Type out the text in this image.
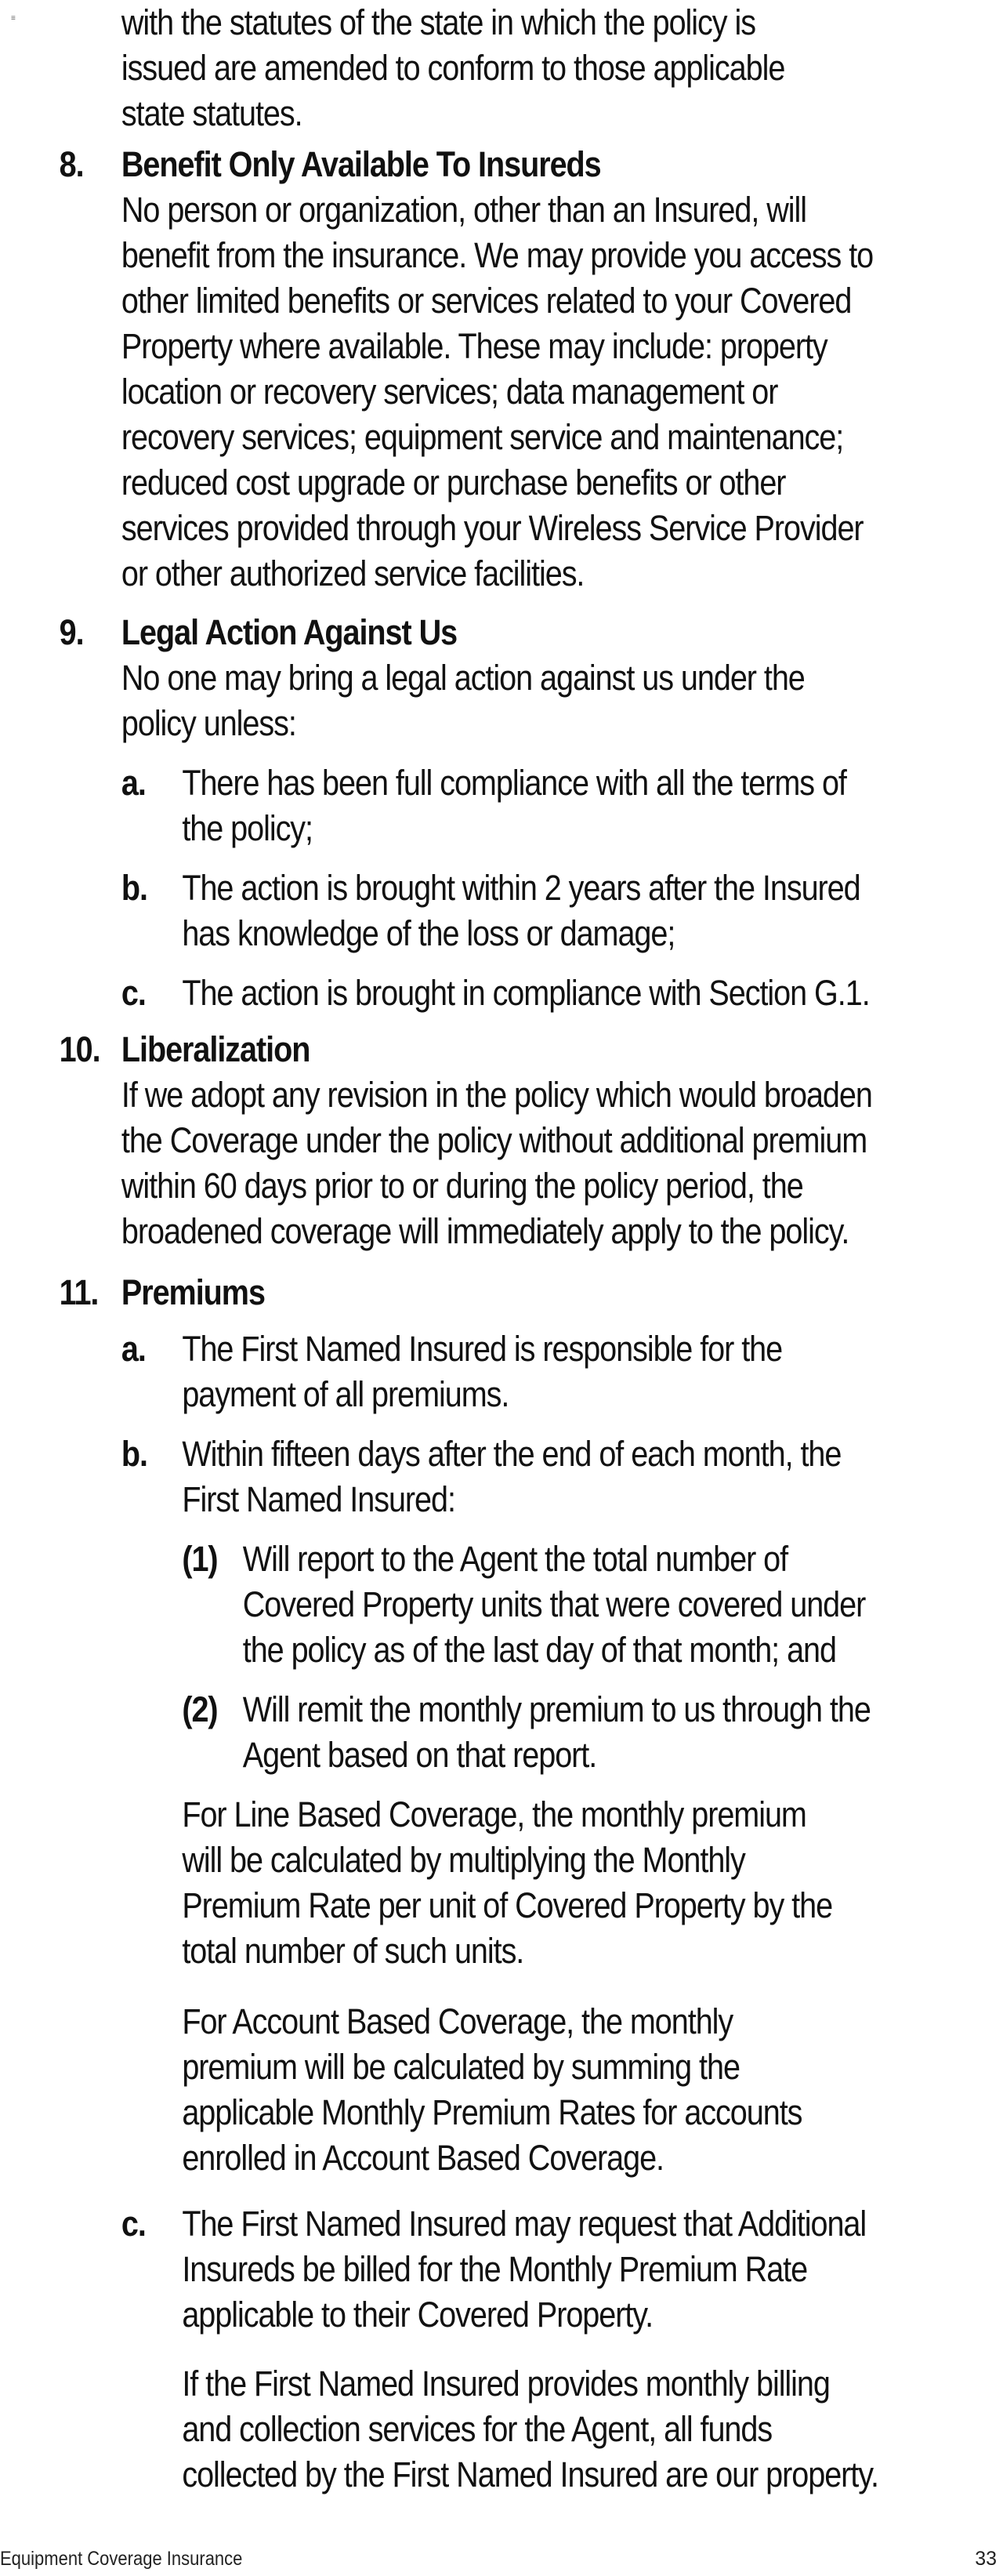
≡	with the statutes of the state in which the policy is
issued are amended to conform to those applicable
state statutes.
8. Benefit Only Available To Insureds
No person or organization, other than an Insured, will
benefit from the insurance. We may provide you access to
other limited benefits or services related to your Covered
Property where available. These may include: property
location or recovery services; data management or
recovery services; equipment service and maintenance;
reduced cost upgrade or purchase benefits or other
services provided through your Wireless Service Provider
or other authorized service facilities.
9. Legal Action Against Us
No one may bring a legal action against us under the
policy unless:
a. There has been full compliance with all the terms of
the policy;
b. The action is brought within 2 years after the Insured
has knowledge of the loss or damage;
c. The action is brought in compliance with Section G.1.
10. Liberalization
If we adopt any revision in the policy which would broaden
the Coverage under the policy without additional premium
within 60 days prior to or during the policy period, the
broadened coverage will immediately apply to the policy.
11. Premiums
a. The First Named Insured is responsible for the
payment of all premiums.
b. Within fifteen days after the end of each month, the
First Named Insured:
(1) Will report to the Agent the total number of
Covered Property units that were covered under
the policy as of the last day of that month; and
(2) Will remit the monthly premium to us through the
Agent based on that report.
For Line Based Coverage, the monthly premium
will be calculated by multiplying the Monthly
Premium Rate per unit of Covered Property by the
total number of such units.
For Account Based Coverage, the monthly
premium will be calculated by summing the
applicable Monthly Premium Rates for accounts
enrolled in Account Based Coverage.
c. The First Named Insured may request that Additional
Insureds be billed for the Monthly Premium Rate
applicable to their Covered Property.
If the First Named Insured provides monthly billing
and collection services for the Agent, all funds
collected by the First Named Insured are our property.
Equipment Coverage Insurance	33
